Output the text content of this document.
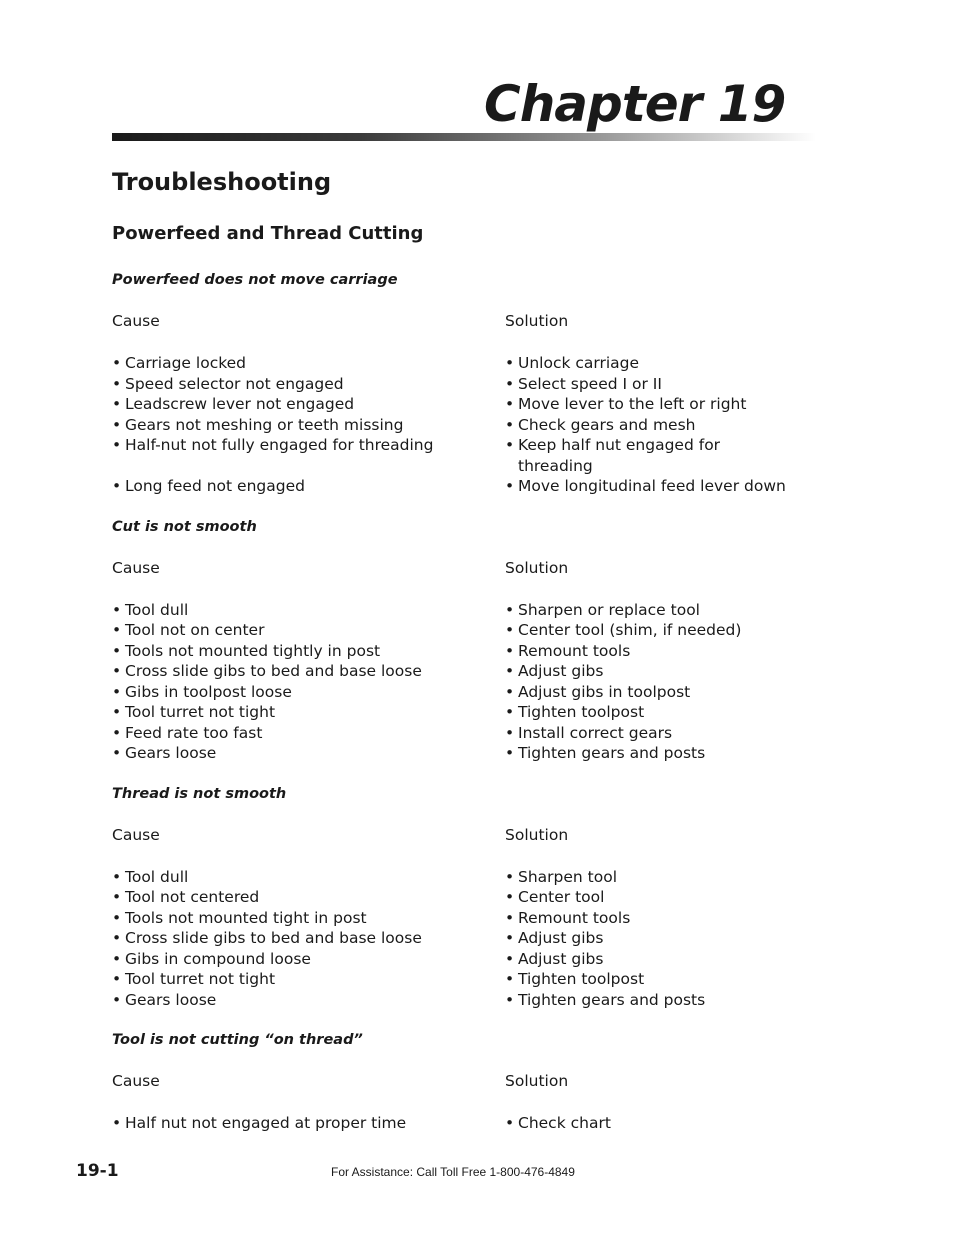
Chapter 19
Troubleshooting
Powerfeed and Thread Cutting

Powerfeed does not move carriage

Cause	Solution
• Carriage locked
• Speed selector not engaged
• Leadscrew lever not engaged
• Gears not meshing or teeth missing
• Half-nut not fully engaged for threading
• Long feed not engaged
• Unlock carriage
• Select speed I or II
• Move lever to the left or right
• Check gears and mesh
• Keep half nut engaged for threading
• Move longitudinal feed lever down

Cut is not smooth

Cause	Solution
• Tool dull
• Tool not on center
• Tools not mounted tightly in post
• Cross slide gibs to bed and base loose
• Gibs in toolpost loose
• Tool turret not tight
• Feed rate too fast
• Gears loose
• Sharpen or replace tool
• Center tool (shim, if needed)
• Remount tools
• Adjust gibs
• Adjust gibs in toolpost
• Tighten toolpost
• Install correct gears
• Tighten gears and posts

Thread is not smooth

Cause	Solution
• Tool dull
• Tool not centered
• Tools not mounted tight in post
• Cross slide gibs to bed and base loose
• Gibs in compound loose
• Tool turret not tight
• Gears loose
• Sharpen tool
• Center tool
• Remount tools
• Adjust gibs
• Adjust gibs
• Tighten toolpost
• Tighten gears and posts

Tool is not cutting “on thread”

Cause	Solution
• Half nut not engaged at proper time
•	Check chart
19-1	For Assistance: Call Toll Free 1-800-476-4849
